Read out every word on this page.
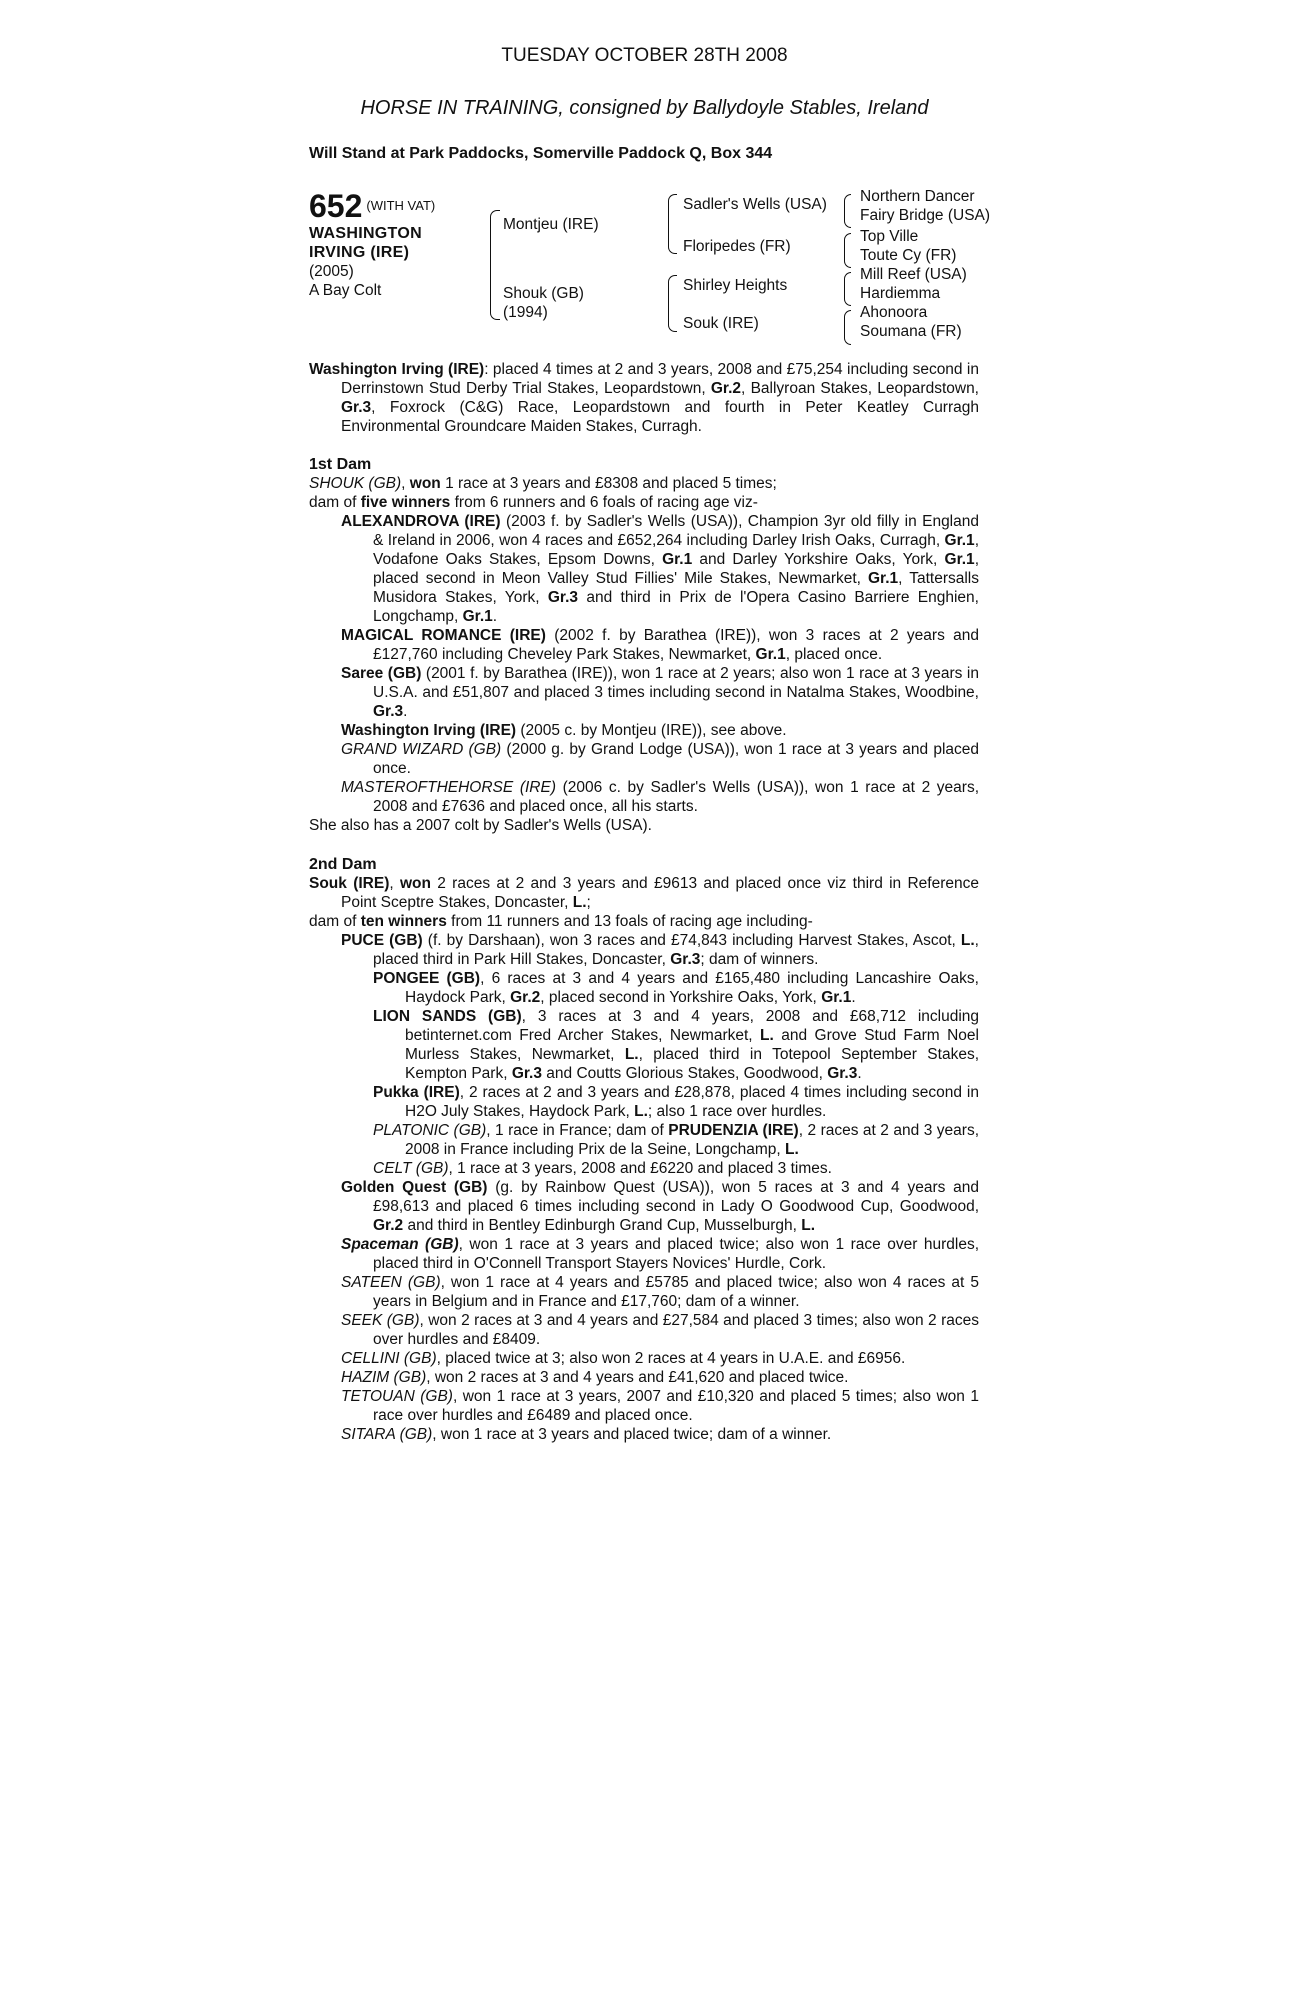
TUESDAY OCTOBER 28TH 2008
HORSE IN TRAINING, consigned by Ballydoyle Stables, Ireland
Will Stand at Park Paddocks, Somerville Paddock Q, Box 344
652 $^{(WITH VAT)}$
WASHINGTON
IRVING (IRE)
(2005)
A Bay Colt
Montjeu (IRE)
Shouk (GB)
(1994)
Sadler's Wells (USA)
Floripedes (FR)
Shirley Heights
Souk (IRE)
Northern Dancer
Fairy Bridge (USA)
Top Ville
Toute Cy (FR)
Mill Reef (USA)
Hardiemma
Ahonoora
Soumana (FR)

Washington Irving (IRE): placed 4 times at 2 and 3 years, 2008 and £75,254 including second in Derrinstown Stud Derby Trial Stakes, Leopardstown, Gr.2, Ballyroan Stakes, Leopardstown, Gr.3, Foxrock (C&G) Race, Leopardstown and fourth in Peter Keatley Curragh Environmental Groundcare Maiden Stakes, Curragh.

1st Dam

SHOUK (GB), won 1 race at 3 years and £8308 and placed 5 times;

dam of five winners from 6 runners and 6 foals of racing age viz-

ALEXANDROVA (IRE) (2003 f. by Sadler's Wells (USA)), Champion 3yr old filly in England & Ireland in 2006, won 4 races and £652,264 including Darley Irish Oaks, Curragh, Gr.1, Vodafone Oaks Stakes, Epsom Downs, Gr.1 and Darley Yorkshire Oaks, York, Gr.1, placed second in Meon Valley Stud Fillies' Mile Stakes, Newmarket, Gr.1, Tattersalls Musidora Stakes, York, Gr.3 and third in Prix de l'Opera Casino Barriere Enghien, Longchamp, Gr.1.

MAGICAL ROMANCE (IRE) (2002 f. by Barathea (IRE)), won 3 races at 2 years and £127,760 including Cheveley Park Stakes, Newmarket, Gr.1, placed once.

Saree (GB) (2001 f. by Barathea (IRE)), won 1 race at 2 years; also won 1 race at 3 years in U.S.A. and £51,807 and placed 3 times including second in Natalma Stakes, Woodbine, Gr.3.

Washington Irving (IRE) (2005 c. by Montjeu (IRE)), see above.

GRAND WIZARD (GB) (2000 g. by Grand Lodge (USA)), won 1 race at 3 years and placed once.

MASTEROFTHEHORSE (IRE) (2006 c. by Sadler's Wells (USA)), won 1 race at 2 years, 2008 and £7636 and placed once, all his starts.

She also has a 2007 colt by Sadler's Wells (USA).

2nd Dam

Souk (IRE), won 2 races at 2 and 3 years and £9613 and placed once viz third in Reference Point Sceptre Stakes, Doncaster, L.;

dam of ten winners from 11 runners and 13 foals of racing age including-

PUCE (GB) (f. by Darshaan), won 3 races and £74,843 including Harvest Stakes, Ascot, L., placed third in Park Hill Stakes, Doncaster, Gr.3; dam of winners.

PONGEE (GB), 6 races at 3 and 4 years and £165,480 including Lancashire Oaks, Haydock Park, Gr.2, placed second in Yorkshire Oaks, York, Gr.1.

LION SANDS (GB), 3 races at 3 and 4 years, 2008 and £68,712 including betinternet.com Fred Archer Stakes, Newmarket, L. and Grove Stud Farm Noel Murless Stakes, Newmarket, L., placed third in Totepool September Stakes, Kempton Park, Gr.3 and Coutts Glorious Stakes, Goodwood, Gr.3.

Pukka (IRE), 2 races at 2 and 3 years and £28,878, placed 4 times including second in H2O July Stakes, Haydock Park, L.; also 1 race over hurdles.

PLATONIC (GB), 1 race in France; dam of PRUDENZIA (IRE), 2 races at 2 and 3 years, 2008 in France including Prix de la Seine, Longchamp, L.

CELT (GB), 1 race at 3 years, 2008 and £6220 and placed 3 times.

Golden Quest (GB) (g. by Rainbow Quest (USA)), won 5 races at 3 and 4 years and £98,613 and placed 6 times including second in Lady O Goodwood Cup, Goodwood, Gr.2 and third in Bentley Edinburgh Grand Cup, Musselburgh, L.

Spaceman (GB), won 1 race at 3 years and placed twice; also won 1 race over hurdles, placed third in O'Connell Transport Stayers Novices' Hurdle, Cork.

SATEEN (GB), won 1 race at 4 years and £5785 and placed twice; also won 4 races at 5 years in Belgium and in France and £17,760; dam of a winner.

SEEK (GB), won 2 races at 3 and 4 years and £27,584 and placed 3 times; also won 2 races over hurdles and £8409.

CELLINI (GB), placed twice at 3; also won 2 races at 4 years in U.A.E. and £6956.

HAZIM (GB), won 2 races at 3 and 4 years and £41,620 and placed twice.

TETOUAN (GB), won 1 race at 3 years, 2007 and £10,320 and placed 5 times; also won 1 race over hurdles and £6489 and placed once.

SITARA (GB), won 1 race at 3 years and placed twice; dam of a winner.
